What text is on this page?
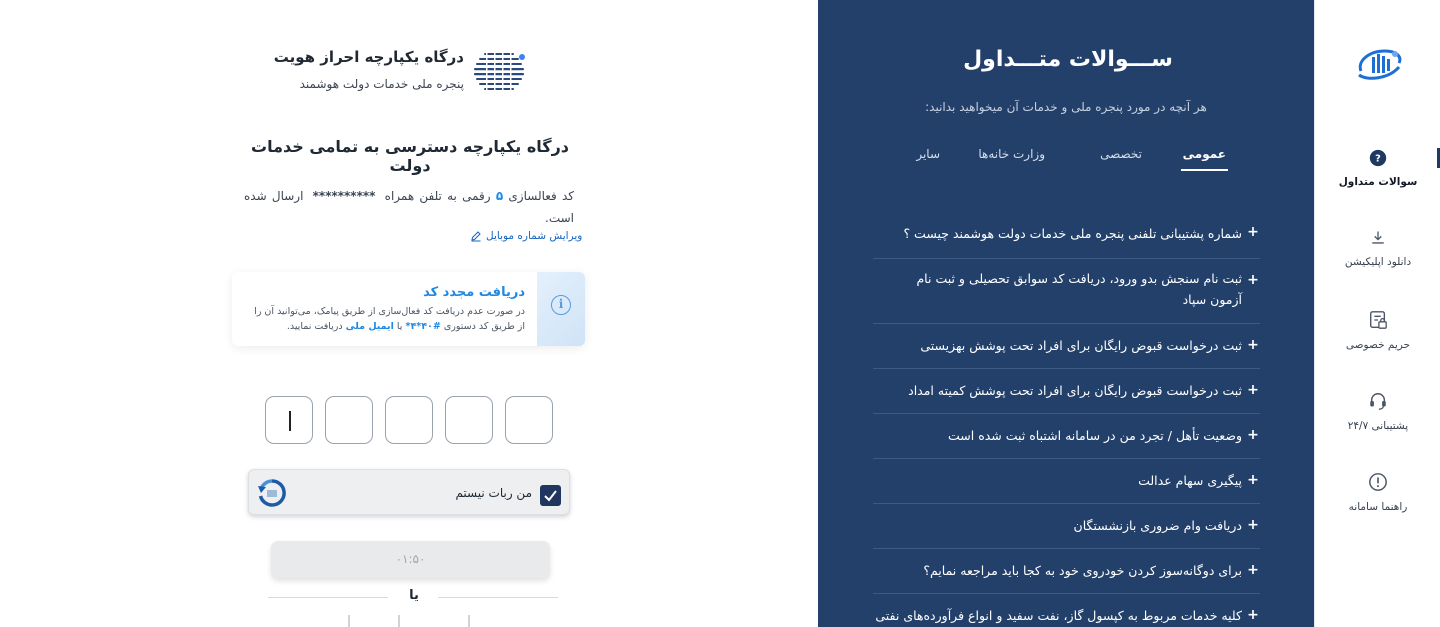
درگاه یکپارچه احراز هویت
پنجره ملی خدمات دولت هوشمند
درگاه یکپارچه دسترسی به تمامی خدمات دولت
کد فعالسازی ۵ رقمی به تلفن همراه ********** ارسال شده است.
ویرایش شماره موبایل
i
دریافت مجدد کد
در صورت عدم دریافت کد فعال‌سازی از طریق پیامک، می‌توانید آن را از طریق کد دستوری #۴۰*۴* یا ایمیل ملی دریافت نمایید.
من ربات نیستم
۰۱:۵۰
یا
ســـوالات متـــداول
هر آنچه در مورد پنجره ملی و خدمات آن میخواهید بدانید:
عمومی
تخصصی
وزارت خانه‌ها
سایر
+
شماره پشتیبانی تلفنی پنجره ملی خدمات دولت هوشمند چیست ؟
+
ثبت نام سنجش بدو ورود، دریافت کد سوابق تحصیلی و ثبت نام آزمون سپاد
+
ثبت درخواست قبوض رایگان برای افراد تحت پوشش بهزیستی
+
ثبت درخواست قبوض رایگان برای افراد تحت پوشش کمیته امداد
+
وضعیت تأهل / تجرد من در سامانه اشتباه ثبت شده است
+
پیگیری سهام عدالت
+
دریافت وام ضروری بازنشستگان
+
برای دوگانه‌سوز کردن خودروی خود به کجا باید مراجعه نمایم؟
+
کلیه خدمات مربوط به کپسول گاز، نفت سفید و انواع فرآورده‌های نفتی
?
سوالات متداول
دانلود اپلیکیشن
حریم خصوصی
پشتیبانی ۲۴/۷
راهنما سامانه
